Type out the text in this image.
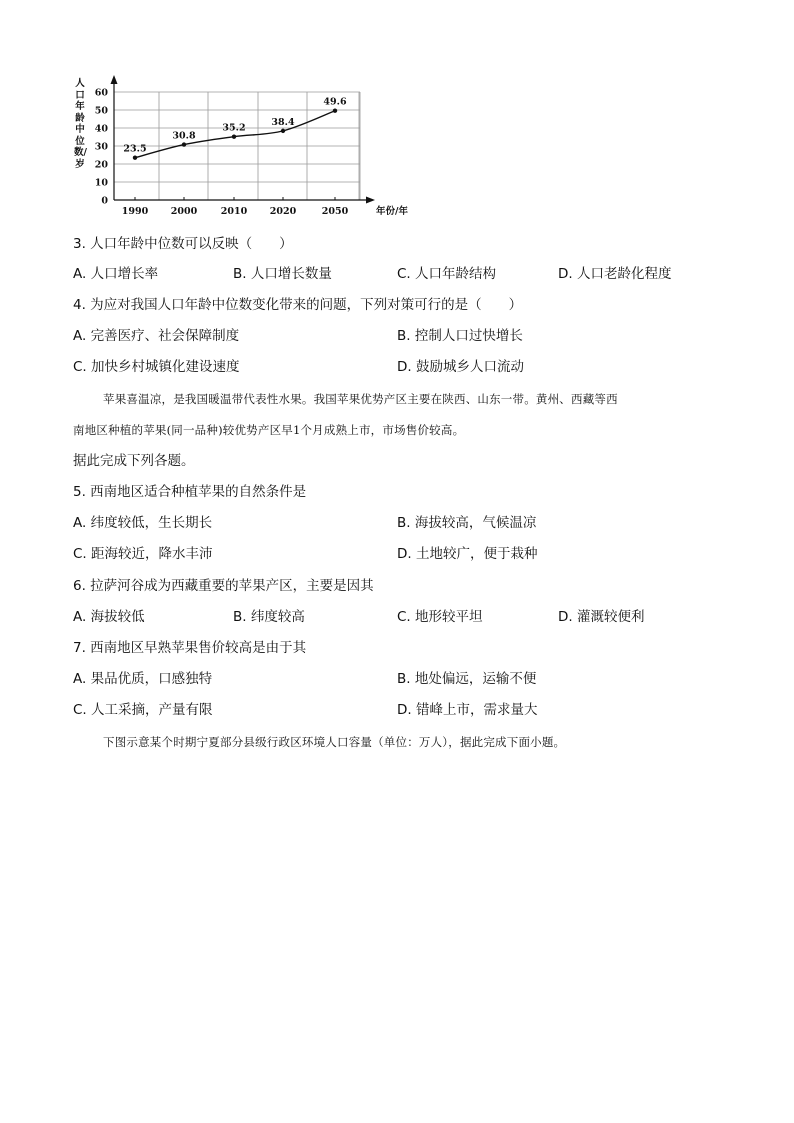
人口年龄中位数/岁
0
10
20
30
40
50
60
1990 2000 2010 2020	2050	年份/年
23.5
30.8
35.2
38.4
49.6
3. 人口年龄中位数可以反映（　　）
A. 人口增长率	B. 人口增长数量	C. 人口年龄结构	D. 人口老龄化程度
4. 为应对我国人口年龄中位数变化带来的问题，下列对策可行的是（　　）
A. 完善医疗、社会保障制度	B. 控制人口过快增长
C. 加快乡村城镇化建设速度	D. 鼓励城乡人口流动
苹果喜温凉，是我国暖温带代表性水果。我国苹果优势产区主要在陕西、山东一带。黄州、西藏等西
南地区种植的苹果(同一品种)较优势产区早1个月成熟上市，市场售价较高。
据此完成下列各题。
5. 西南地区适合种植苹果的自然条件是
A. 纬度较低，生长期长	B. 海拔较高，气候温凉
C. 距海较近，降水丰沛	D. 土地较广，便于栽种
6. 拉萨河谷成为西藏重要的苹果产区，主要是因其
A. 海拔较低	B. 纬度较高	C. 地形较平坦	D. 灌溉较便利
7. 西南地区早熟苹果售价较高是由于其
A. 果品优质，口感独特	B. 地处偏远，运输不便
C. 人工采摘，产量有限	D. 错峰上市，需求量大
下图示意某个时期宁夏部分县级行政区环境人口容量（单位：万人），据此完成下面小题。
